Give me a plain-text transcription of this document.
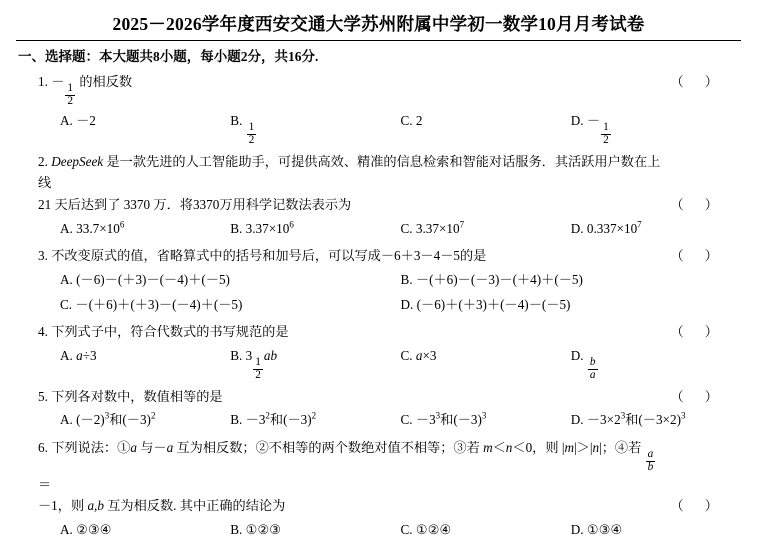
2025－2026学年度西安交通大学苏州附属中学初一数学10月月考试卷
一、选择题：本大题共8小题，每小题2分，共16分.
1. －
$\frac{1}{2}$
的相反数	（ ）
A. －2	B.
$\frac{1}{2}$
C. 2	D. －
$\frac{1}{2}$
2. DeepSeek 是一款先进的人工智能助手，可提供高效、精准的信息检索和智能对话服务．其活跃用户数在上线
21 天后达到了 3370 万．将3370万用科学记数法表示为	（ ）
A. $33.7\times 10^6$	B. $3.37\times 10^6$	C. $3.37\times 10^7$	D. $0.337\times 10^7$
3. 不改变原式的值，省略算式中的括号和加号后，可以写成－6＋3－4－5的是	（ ）
A. (－6)－(＋3)－(－4)＋(－5)	B. －(＋6)－(－3)－(＋4)＋(－5)
C. －(＋6)＋(＋3)－(－4)＋(－5)	D. (－6)＋(＋3)＋(－4)－(－5)
4. 下列式子中，符合代数式的书写规范的是	（ ）
A. a÷3	B. 3
$\frac{1}{2}$
ab	C. a×3	D.
$\frac{b}{a}$
5. 下列各对数中，数值相等的是	（ ）
A. $(-2)^3$和$(-3)^2$	B. $-3^2$和$(-3)^2$	C. $-3^3$和$(-3)^3$	D. $-3\times 2^3$和$(-3\times 2)^3$
6. 下列说法：①a 与－a 互为相反数；②不相等的两个数绝对值不相等；③若 m＜n＜0，则 |m|＞|n|；④若
$\frac{a}{b}$
＝
－1，则 a,b 互为相反数. 其中正确的结论为	（ ）
A. ②③④	B. ①②③	C. ①②④	D. ①③④
